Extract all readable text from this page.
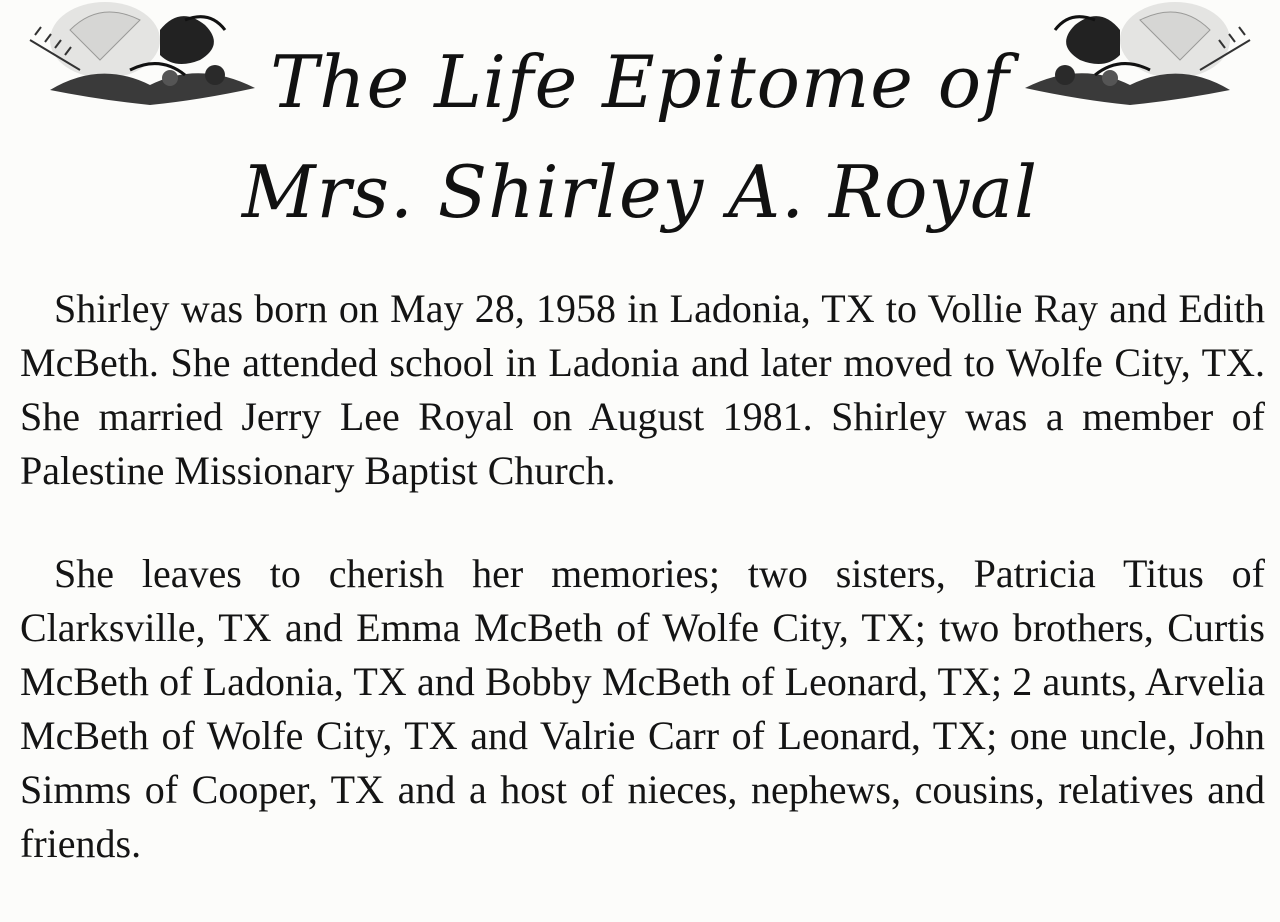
The Life Epitome of
Mrs. Shirley A. Royal
Shirley was born on May 28, 1958 in Ladonia, TX to Vollie Ray and Edith McBeth. She attended school in Ladonia and later moved to Wolfe City, TX. She married Jerry Lee Royal on August 1981. Shirley was a member of Palestine Missionary Baptist Church.
She leaves to cherish her memories; two sisters, Patricia Titus of Clarksville, TX and Emma McBeth of Wolfe City, TX; two brothers, Curtis McBeth of Ladonia, TX and Bobby McBeth of Leonard, TX; 2 aunts, Arvelia McBeth of Wolfe City, TX and Valrie Carr of Leonard, TX; one uncle, John Simms of Cooper, TX and a host of nieces, nephews, cousins, relatives and friends.
